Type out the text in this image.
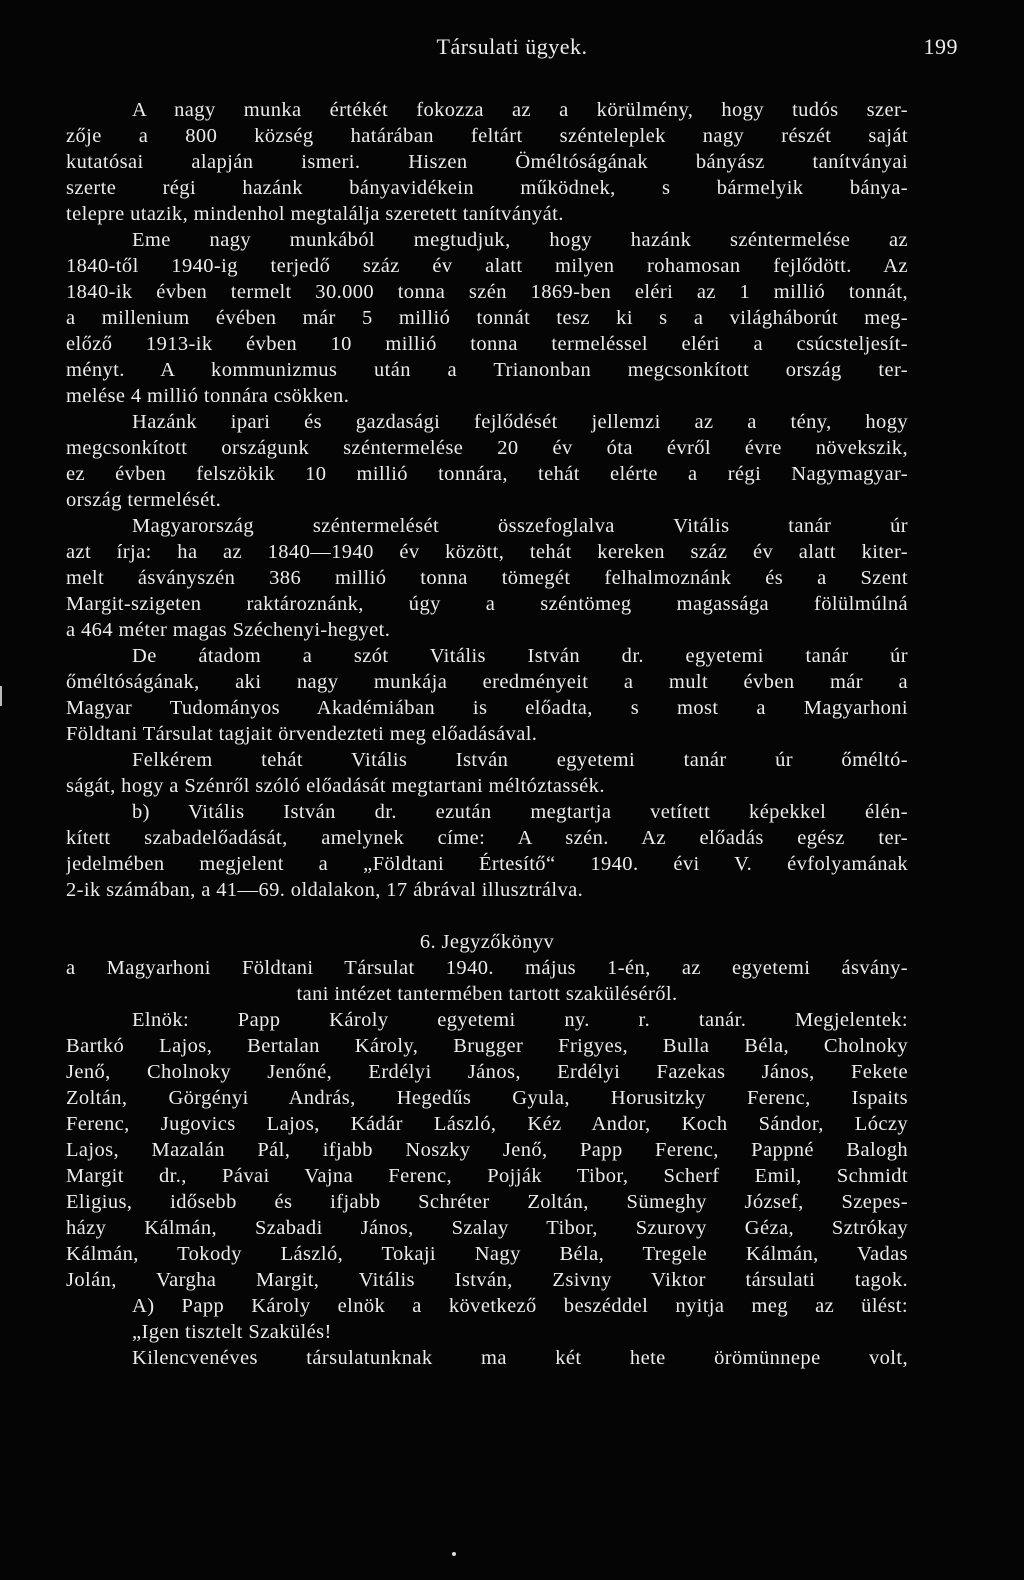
Társulati ügyek.	199
A nagy munka értékét fokozza az a körülmény, hogy tudós szer-
zője a 800 község határában feltárt szénteleplek nagy részét saját
kutatósai alapján ismeri. Hiszen Öméltóságának bányász tanítványai
szerte régi hazánk bányavidékein működnek, s bármelyik bánya-
telepre utazik, mindenhol megtalálja szeretett tanítványát.
Eme nagy munkából megtudjuk, hogy hazánk széntermelése az
1840-től 1940-ig terjedő száz év alatt milyen rohamosan fejlődött. Az
1840-ik évben termelt 30.000 tonna szén 1869-ben eléri az 1 millió tonnát,
a millenium évében már 5 millió tonnát tesz ki s a világháborút meg-
előző 1913-ik évben 10 millió tonna termeléssel eléri a csúcsteljesít-
ményt. A kommunizmus után a Trianonban megcsonkított ország ter-
melése 4 millió tonnára csökken.
Hazánk ipari és gazdasági fejlődését jellemzi az a tény, hogy
megcsonkított országunk széntermelése 20 év óta évről évre növekszik,
ez évben felszökik 10 millió tonnára, tehát elérte a régi Nagymagyar-
ország termelését.
Magyarország széntermelését összefoglalva Vitális tanár úr
azt írja: ha az 1840—1940 év között, tehát kereken száz év alatt kiter-
melt ásványszén 386 millió tonna tömegét felhalmoznánk és a Szent
Margit-szigeten raktároznánk, úgy a széntömeg magassága fölülmúlná
a 464 méter magas Széchenyi-hegyet.
De átadom a szót Vitális István dr. egyetemi tanár úr
őméltóságának, aki nagy munkája eredményeit a mult évben már a
Magyar Tudományos Akadémiában is előadta, s most a Magyarhoni
Földtani Társulat tagjait örvendezteti meg előadásával.
Felkérem tehát Vitális István egyetemi tanár úr őméltó-
ságát, hogy a Szénről szóló előadását megtartani méltóztassék.
b) Vitális István dr. ezután megtartja vetített képekkel élén-
kített szabadelőadását, amelynek címe: A szén. Az előadás egész ter-
jedelmében megjelent a „Földtani Értesítő“ 1940. évi V. évfolyamának
2-ik számában, a 41—69. oldalakon, 17 ábrával illusztrálva.
6. Jegyzőkönyv
a Magyarhoni Földtani Társulat 1940. május 1-én, az egyetemi ásvány-
tani intézet tantermében tartott szaküléséről.
Elnök: Papp Károly egyetemi ny. r. tanár. Megjelentek:
Bartkó Lajos, Bertalan Károly, Brugger Frigyes, Bulla Béla, Cholnoky
Jenő, Cholnoky Jenőné, Erdélyi János, Erdélyi Fazekas János, Fekete
Zoltán, Görgényi András, Hegedűs Gyula, Horusitzky Ferenc, Ispaits
Ferenc, Jugovics Lajos, Kádár László, Kéz Andor, Koch Sándor, Lóczy
Lajos, Mazalán Pál, ifjabb Noszky Jenő, Papp Ferenc, Pappné Balogh
Margit dr., Pávai Vajna Ferenc, Pojják Tibor, Scherf Emil, Schmidt
Eligius, idősebb és ifjabb Schréter Zoltán, Sümeghy József, Szepes-
házy Kálmán, Szabadi János, Szalay Tibor, Szurovy Géza, Sztrókay
Kálmán, Tokody László, Tokaji Nagy Béla, Tregele Kálmán, Vadas
Jolán, Vargha Margit, Vitális István, Zsivny Viktor társulati tagok.
A) Papp Károly elnök a következő beszéddel nyitja meg az ülést:
„Igen tisztelt Szakülés!
Kilencvenéves társulatunknak ma két hete örömünnepe volt,
